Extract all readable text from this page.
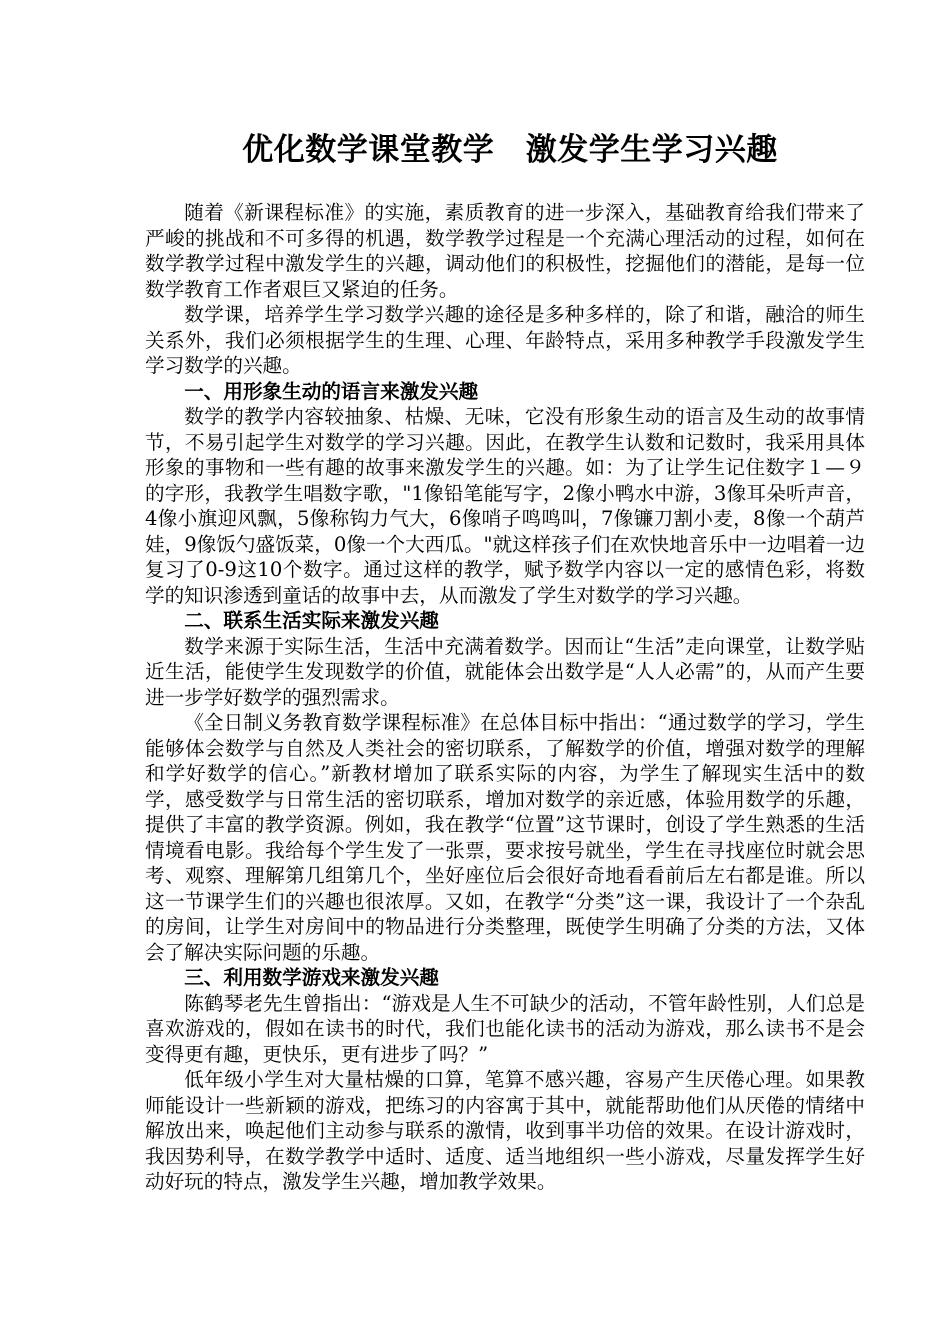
优化数学课堂教学　激发学生学习兴趣

随着《新课程标准》的实施，素质教育的进一步深入，基础教育给我们带来了严峻的挑战和不可多得的机遇，数学教学过程是一个充满心理活动的过程，如何在数学教学过程中激发学生的兴趣，调动他们的积极性，挖掘他们的潜能，是每一位数学教育工作者艰巨又紧迫的任务。

数学课，培养学生学习数学兴趣的途径是多种多样的，除了和谐，融洽的师生关系外，我们必须根据学生的生理、心理、年龄特点，采用多种教学手段激发学生学习数学的兴趣。

一、用形象生动的语言来激发兴趣

数学的教学内容较抽象、枯燥、无味，它没有形象生动的语言及生动的故事情节，不易引起学生对数学的学习兴趣。因此，在教学生认数和记数时，我采用具体形象的事物和一些有趣的故事来激发学生的兴趣。如：为了让学生记住数字１—９的字形，我教学生唱数字歌，"1像铅笔能写字，2像小鸭水中游，3像耳朵听声音，4像小旗迎风飘，5像称钩力气大，6像哨子鸣鸣叫，7像镰刀割小麦，8像一个葫芦娃，9像饭勺盛饭菜，0像一个大西瓜。"就这样孩子们在欢快地音乐中一边唱着一边复习了0-9这10个数字。通过这样的教学，赋予数学内容以一定的感情色彩，将数学的知识渗透到童话的故事中去，从而激发了学生对数学的学习兴趣。

二、联系生活实际来激发兴趣

数学来源于实际生活，生活中充满着数学。因而让“生活”走向课堂，让数学贴近生活，能使学生发现数学的价值，就能体会出数学是“人人必需”的，从而产生要进一步学好数学的强烈需求。

《全日制义务教育数学课程标准》在总体目标中指出：“通过数学的学习，学生能够体会数学与自然及人类社会的密切联系，了解数学的价值，增强对数学的理解和学好数学的信心。”新教材增加了联系实际的内容，为学生了解现实生活中的数学，感受数学与日常生活的密切联系，增加对数学的亲近感，体验用数学的乐趣，提供了丰富的教学资源。例如，我在教学“位置”这节课时，创设了学生熟悉的生活情境看电影。我给每个学生发了一张票，要求按号就坐，学生在寻找座位时就会思考、观察、理解第几组第几个，坐好座位后会很好奇地看看前后左右都是谁。所以这一节课学生们的兴趣也很浓厚。又如，在教学“分类”这一课，我设计了一个杂乱的房间，让学生对房间中的物品进行分类整理，既使学生明确了分类的方法，又体会了解决实际问题的乐趣。

三、利用数学游戏来激发兴趣

陈鹤琴老先生曾指出：“游戏是人生不可缺少的活动，不管年龄性别，人们总是喜欢游戏的，假如在读书的时代，我们也能化读书的活动为游戏，那么读书不是会变得更有趣，更快乐，更有进步了吗？”

低年级小学生对大量枯燥的口算，笔算不感兴趣，容易产生厌倦心理。如果教师能设计一些新颖的游戏，把练习的内容寓于其中，就能帮助他们从厌倦的情绪中解放出来，唤起他们主动参与联系的激情，收到事半功倍的效果。在设计游戏时，我因势利导，在数学教学中适时、适度、适当地组织一些小游戏，尽量发挥学生好动好玩的特点，激发学生兴趣，增加教学效果。
